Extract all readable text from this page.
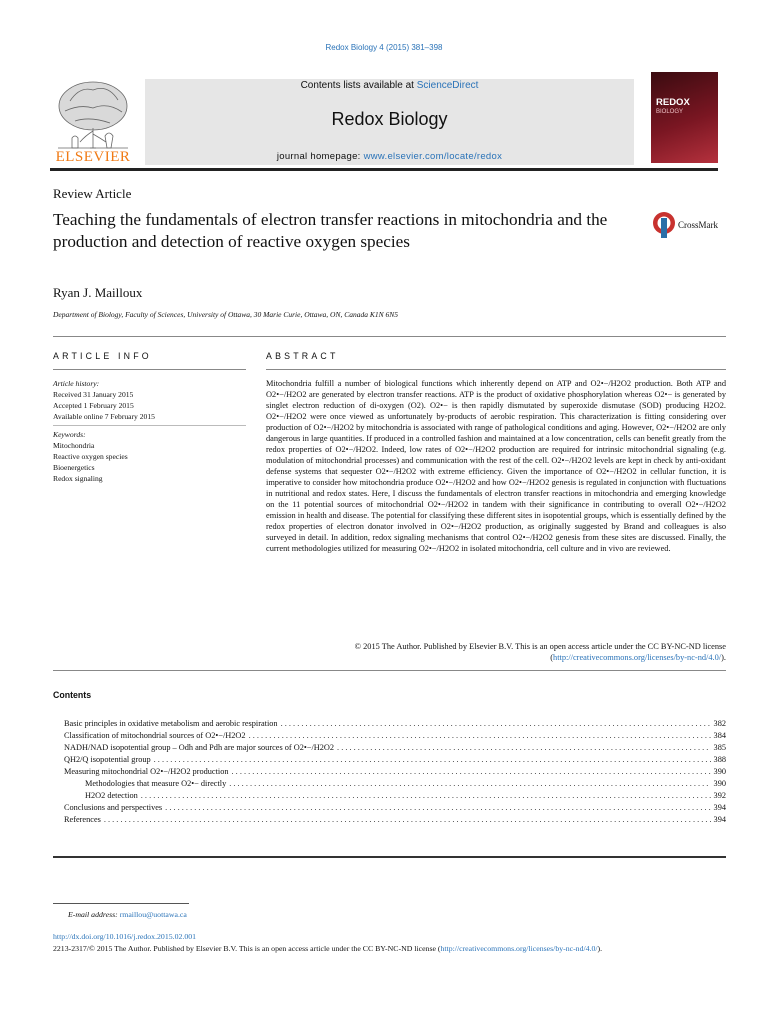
Redox Biology 4 (2015) 381–398
Contents lists available at ScienceDirect
Redox Biology
journal homepage: www.elsevier.com/locate/redox
ELSEVIER
REDOX
BIOLOGY
Review Article
Teaching the fundamentals of electron transfer reactions in mitochondria and the production and detection of reactive oxygen species
CrossMark
Ryan J. Mailloux
Department of Biology, Faculty of Sciences, University of Ottawa, 30 Marie Curie, Ottawa, ON, Canada K1N 6N5
ARTICLE INFO	ABSTRACT
Article history:
Received 31 January 2015
Accepted 1 February 2015
Available online 7 February 2015
Keywords:
Mitochondria
Reactive oxygen species
Bioenergetics
Redox signaling
Mitochondria fulfill a number of biological functions which inherently depend on ATP and O2•−/H2O2 production. Both ATP and O2•−/H2O2 are generated by electron transfer reactions. ATP is the product of oxidative phosphorylation whereas O2•− is generated by singlet electron reduction of di-oxygen (O2). O2•− is then rapidly dismutated by superoxide dismutase (SOD) producing H2O2. O2•−/H2O2 were once viewed as unfortunately by-products of aerobic respiration. This characterization is fitting considering over production of O2•−/H2O2 by mitochondria is associated with range of pathological conditions and aging. However, O2•−/H2O2 are only dangerous in large quantities. If produced in a controlled fashion and maintained at a low concentration, cells can benefit greatly from the redox properties of O2•−/H2O2. Indeed, low rates of O2•−/H2O2 production are required for intrinsic mitochondrial signaling (e.g. modulation of mitochondrial processes) and communication with the rest of the cell. O2•−/H2O2 levels are kept in check by anti-oxidant defense systems that sequester O2•−/H2O2 with extreme efficiency. Given the importance of O2•−/H2O2 in cellular function, it is imperative to consider how mitochondria produce O2•−/H2O2 and how O2•−/H2O2 genesis is regulated in conjunction with fluctuations in nutritional and redox states. Here, I discuss the fundamentals of electron transfer reactions in mitochondria and emerging knowledge on the 11 potential sources of mitochondrial O2•−/H2O2 in tandem with their significance in contributing to overall O2•−/H2O2 emission in health and disease. The potential for classifying these different sites in isopotential groups, which is essentially defined by the redox properties of electron donator involved in O2•−/H2O2 production, as originally suggested by Brand and colleagues is also surveyed in detail. In addition, redox signaling mechanisms that control O2•−/H2O2 genesis from these sites are discussed. Finally, the current methodologies utilized for measuring O2•−/H2O2 in isolated mitochondria, cell culture and in vivo are reviewed.
© 2015 The Author. Published by Elsevier B.V. This is an open access article under the CC BY-NC-ND license (http://creativecommons.org/licenses/by-nc-nd/4.0/).
Contents
Basic principles in oxidative metabolism and aerobic respiration . . .	382
Classification of mitochondrial sources of O2•−/H2O2 . . .	384
NADH/NAD isopotential group – Odh and Pdh are major sources of O2•−/H2O2 . . .	385
QH2/Q isopotential group . . .	388
Measuring mitochondrial O2•−/H2O2 production . . .	390
Methodologies that measure O2•− directly . . .	390
H2O2 detection . . .	392
Conclusions and perspectives . . .	394
References . . .	394
E-mail address: rmaillou@uottawa.ca
http://dx.doi.org/10.1016/j.redox.2015.02.001
2213-2317/© 2015 The Author. Published by Elsevier B.V. This is an open access article under the CC BY-NC-ND license (http://creativecommons.org/licenses/by-nc-nd/4.0/).
